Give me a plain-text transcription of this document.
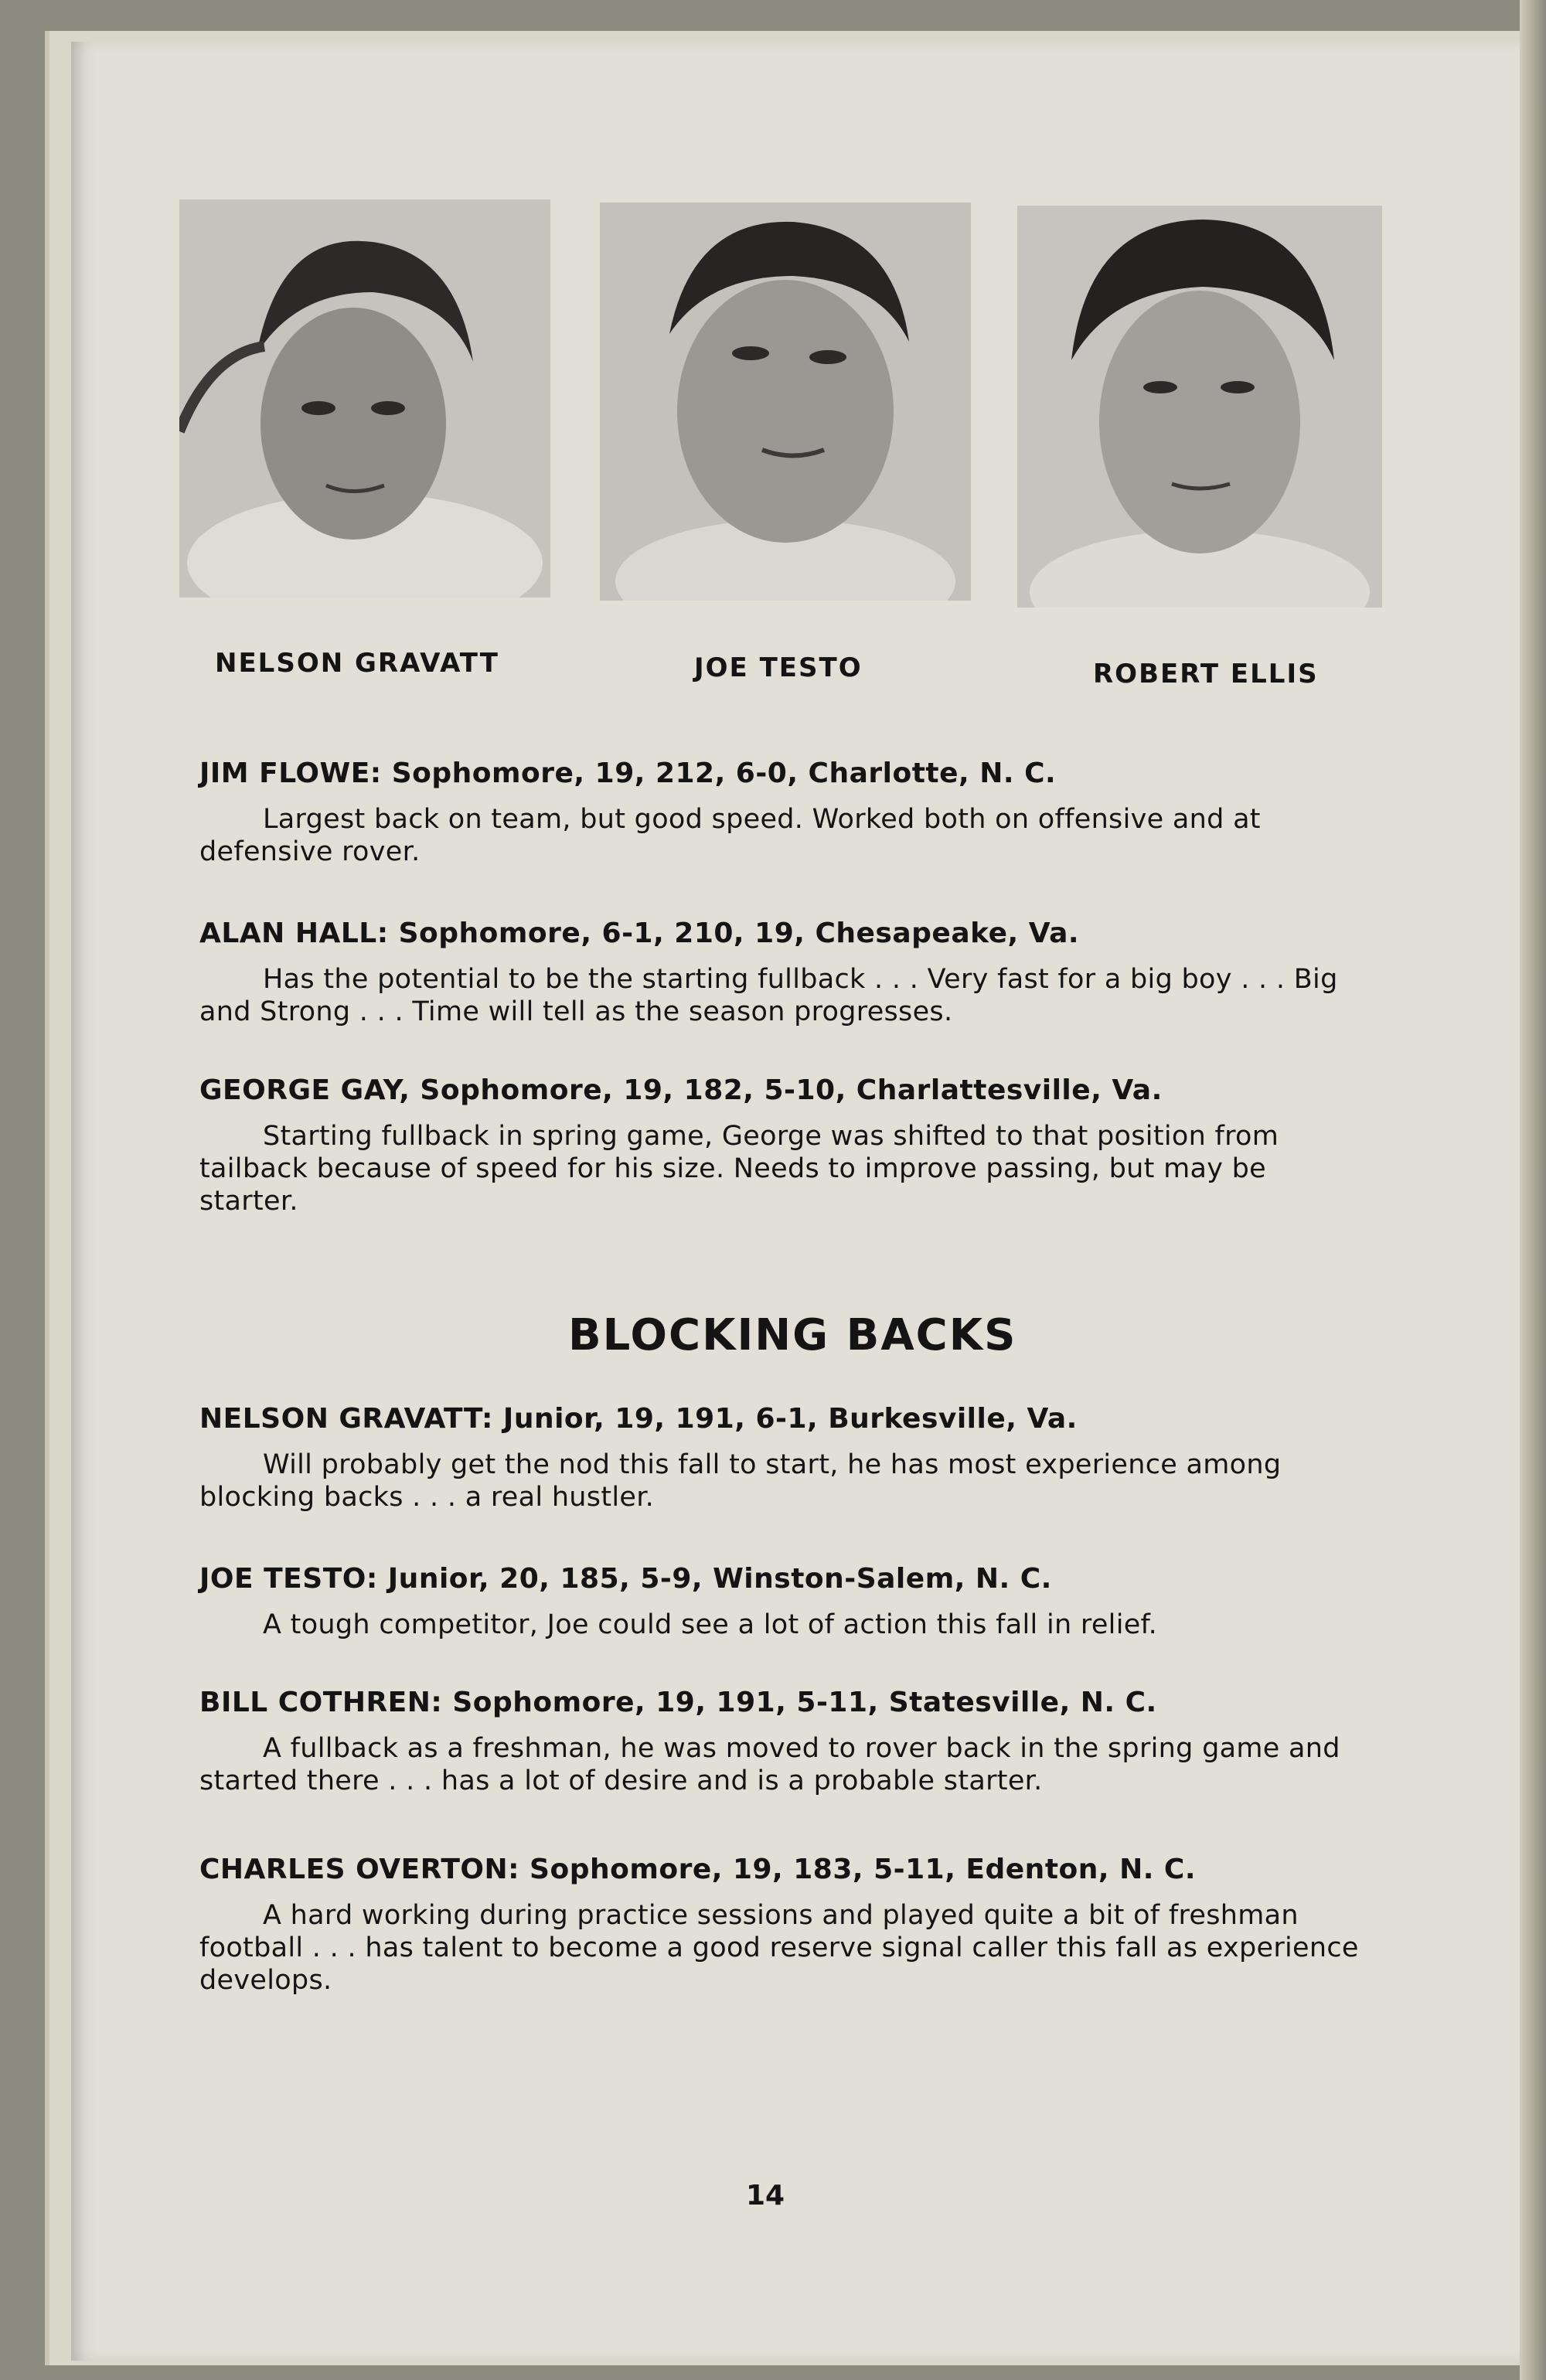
NELSON GRAVATT	JOE TESTO	ROBERT ELLIS
JIM FLOWE: Sophomore, 19, 212, 6-0, Charlotte, N. C.
Largest back on team, but good speed. Worked both on offensive and at defensive rover.
ALAN HALL: Sophomore, 6-1, 210, 19, Chesapeake, Va.
Has the potential to be the starting fullback . . . Very fast for a big boy . . . Big and Strong . . . Time will tell as the season progresses.
GEORGE GAY, Sophomore, 19, 182, 5-10, Charlattesville, Va.
Starting fullback in spring game, George was shifted to that position from tailback because of speed for his size. Needs to improve passing, but may be starter.
BLOCKING BACKS
NELSON GRAVATT: Junior, 19, 191, 6-1, Burkesville, Va.
Will probably get the nod this fall to start, he has most experience among blocking backs . . . a real hustler.
JOE TESTO: Junior, 20, 185, 5-9, Winston-Salem, N. C.
A tough competitor, Joe could see a lot of action this fall in relief.
BILL COTHREN: Sophomore, 19, 191, 5-11, Statesville, N. C.
A fullback as a freshman, he was moved to rover back in the spring game and started there . . . has a lot of desire and is a probable starter.
CHARLES OVERTON: Sophomore, 19, 183, 5-11, Edenton, N. C.
A hard working during practice sessions and played quite a bit of freshman football . . . has talent to become a good reserve signal caller this fall as experience develops.
14
